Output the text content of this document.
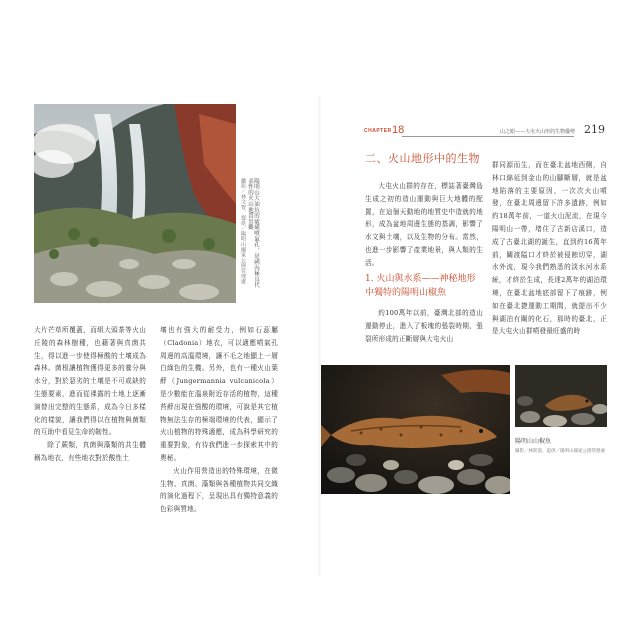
陽明山大油坑的硫磺噴氣孔，是國內極具代表性的火山地質景觀
攝影／林文智、提供／陽明山國家公園管理處

大片芒草所覆蓋，而組大頭茶等火山丘陵的森林樹種，也藉著與真菌共生，得以進一步使得極酸的土壤成為森林。菌根讓植物獲得更多的養分與水分，對於惡劣的土壤是不可或缺的生態要素，進而從裸露的土地上逐漸演替出完整的生態系，成為今日多樣化的樣貌，讓我們得以在植物與菌類的互助中看見生命的韌性。

除了蕨類，真菌與藻類的共生體稱為地衣，有些地衣對於酸性土

壤也有強大的耐受力，例如石蕊屬（Cladonia）地衣，可以適應噴氣孔周邊的高溫環境，讓不毛之地顯上一層白綠色的生機。另外，也有一種火山葉蘚（Jungermannia vulcanicola）是少數能在溫泉附近存活的植物，這種苔蘚出現在強酸的環境，可說是其它植物無法生存的極端環境的代表，顯示了火山植物的特殊適應，成為科學研究的重要對象，有待我們進一步探索其中的奧秘。

火山作用營造出的特殊環境，在微生物、真菌、藻類與各種植物共同交織的演化過程下，呈現出具有獨特意義的色彩與質地。

CHAPTER 18	山之眼——大屯火山形的生物優勢 219
二、火山地形中的生物

大屯火山群的存在，標誌著臺灣島生成之初的造山運動與巨大地體的配置，在這個天動地的地質史中造就的地形，成為盆地周邊生態的基調，影響了水文與土壤，以及生物的分布。當然，也進一步影響了產業地景，與人類的生活。

1. 火山與水系——神秘地形中獨特的陽明山椒魚

約100萬年以前，臺灣北部的造山運動停止，進入了板塊的張裂時期，張裂所形成的正斷層與大屯火山

群同源而生，而在臺北盆地西側，自林口綿延到金山的山腳斷層，就是盆地陷落的主要原因，一次次火山噴發，在臺北周邊留下許多遺跡，例如約18萬年前，一道火山泥流，在現今陽明山一帶，堵住了古新店溪口，造成了古臺北湖的誕生，直到約16萬年前，關渡隘口才終於被侵蝕切穿，湖水外流，現今我們熟悉的淡水河水系統，才終於生成，長達2萬年的湖泊環境，在臺北盆地底部留下了痕跡，例如在臺北捷運動工期間，就提出不少與湖泊有關的化石，那時的臺北，正是大屯火山群噴發最旺盛的時

陽明山山椒魚
攝影／林斯澄、提供／陽明山國家公園管理處
